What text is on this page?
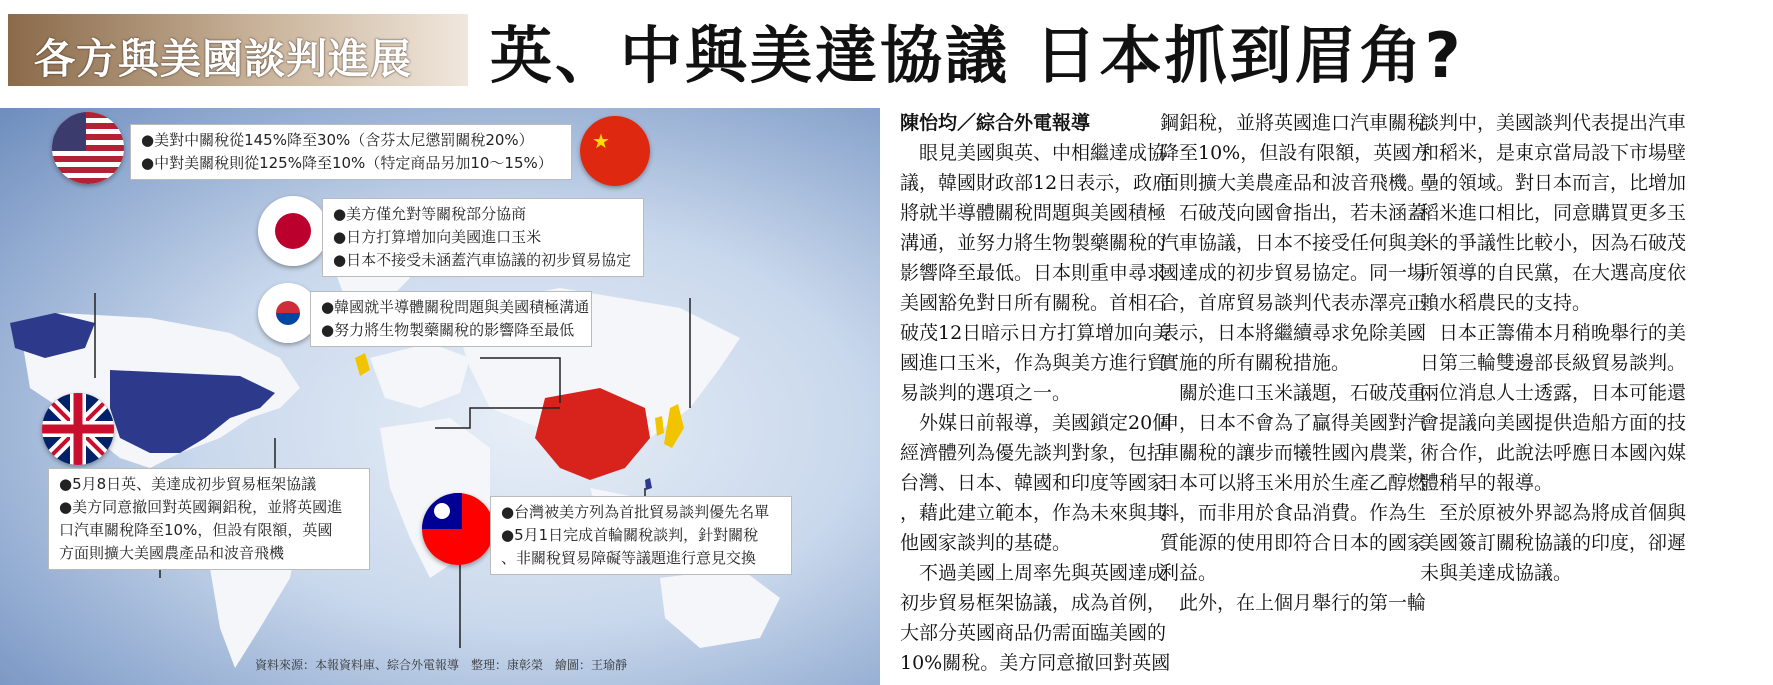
各方與美國談判進展 英、中與美達協議 日本抓到眉角?
★
●美對中關稅從145%降至30%（含芬太尼懲罰關稅20%）
●中對美關稅則從125%降至10%（特定商品另加10～15%）
●美方僅允對等關稅部分協商
●日方打算增加向美國進口玉米
●日本不接受未涵蓋汽車協議的初步貿易協定
●韓國就半導體關稅問題與美國積極溝通
●努力將生物製藥關稅的影響降至最低
●5月8日英、美達成初步貿易框架協議
●美方同意撤回對英國鋼鋁稅，並將英國進
口汽車關稅降至10%，但設有限額，英國
方面則擴大美國農產品和波音飛機
●台灣被美方列為首批貿易談判優先名單
●5月1日完成首輪關稅談判，針對關稅
、非關稅貿易障礙等議題進行意見交換
資料來源：本報資料庫、綜合外電報導　整理：康彰榮　繪圖：王瑜靜
陳怡均／綜合外電報導
　眼見美國與英、中相繼達成協
議，韓國財政部12日表示，政府
將就半導體關稅問題與美國積極
溝通，並努力將生物製藥關稅的
影響降至最低。日本則重申尋求
美國豁免對日所有關稅。首相石
破茂12日暗示日方打算增加向美
國進口玉米，作為與美方進行貿
易談判的選項之一。
　外媒日前報導，美國鎖定20個
經濟體列為優先談判對象，包括
台灣、日本、韓國和印度等國家
，藉此建立範本，作為未來與其
他國家談判的基礎。
　不過美國上周率先與英國達成
初步貿易框架協議，成為首例，
大部分英國商品仍需面臨美國的
10%關稅。美方同意撤回對英國
鋼鋁稅，並將英國進口汽車關稅
降至10%，但設有限額，英國方
面則擴大美農產品和波音飛機。
　石破茂向國會指出，若未涵蓋
汽車協議，日本不接受任何與美
國達成的初步貿易協定。同一場
合，首席貿易談判代表赤澤亮正
表示，日本將繼續尋求免除美國
實施的所有關稅措施。
　關於進口玉米議題，石破茂重
申，日本不會為了贏得美國對汽
車關稅的讓步而犧牲國內農業，
日本可以將玉米用於生產乙醇燃
料，而非用於食品消費。作為生
質能源的使用即符合日本的國家
利益。
　此外，在上個月舉行的第一輪
談判中，美國談判代表提出汽車
和稻米，是東京當局設下市場壁
壘的領域。對日本而言，比增加
稻米進口相比，同意購買更多玉
米的爭議性比較小，因為石破茂
所領導的自民黨，在大選高度依
賴水稻農民的支持。
　日本正籌備本月稍晚舉行的美
日第三輪雙邊部長級貿易談判。
兩位消息人士透露，日本可能還
會提議向美國提供造船方面的技
術合作，此說法呼應日本國內媒
體稍早的報導。
　至於原被外界認為將成首個與
美國簽訂關稅協議的印度，卻遲
未與美達成協議。
